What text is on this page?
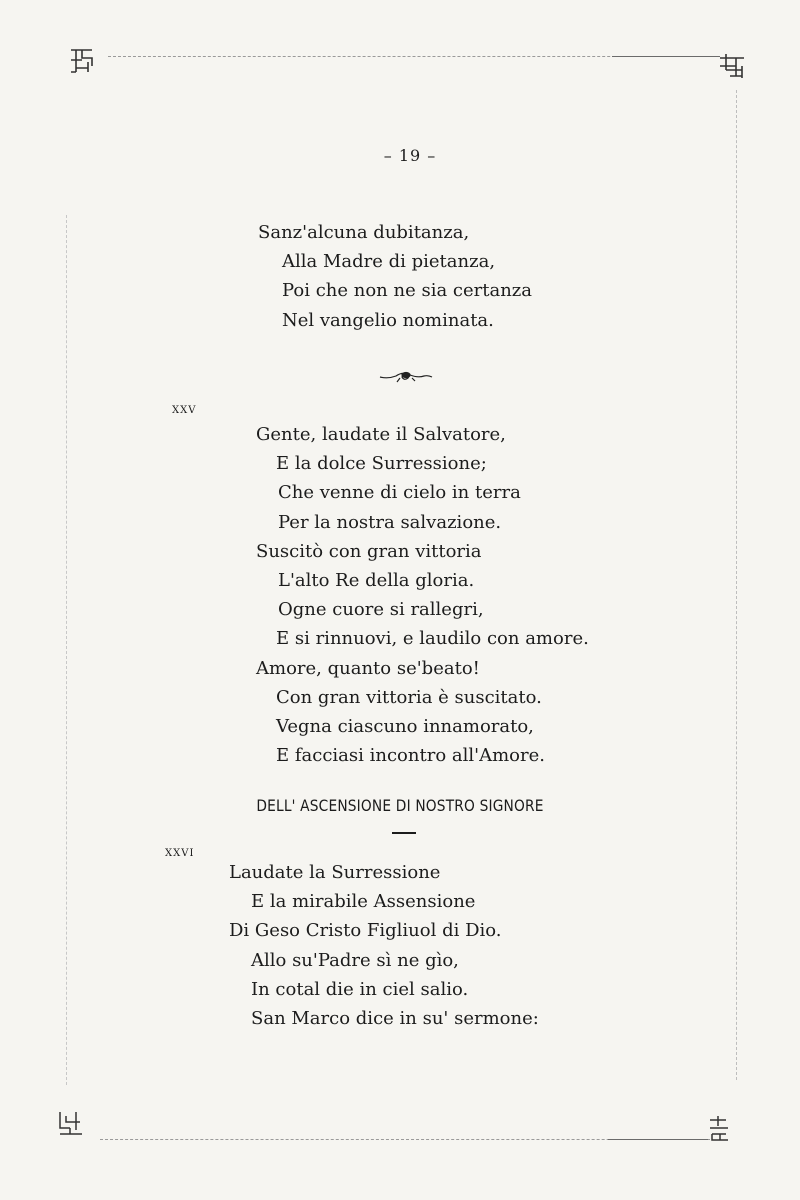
– 19 –
Sanz'alcuna dubitanza,
Alla Madre di pietanza,
Poi che non ne sia certanza
Nel vangelio nominata.
XXV
Gente, laudate il Salvatore,
E la dolce Surressione;
Che venne di cielo in terra
Per la nostra salvazione.
Suscitò con gran vittoria
L'alto Re della gloria.
Ogne cuore si rallegri,
E si rinnuovi, e laudilo con amore.
Amore, quanto se'beato!
Con gran vittoria è suscitato.
Vegna ciascuno innamorato,
E facciasi incontro all'Amore.
DELL' ASCENSIONE DI NOSTRO SIGNORE
XXVI
Laudate la Surressione
E la mirabile Assensione
Di Geso Cristo Figliuol di Dio.
Allo su'Padre sì ne gìo,
In cotal die in ciel salio.
San Marco dice in su' sermone:
